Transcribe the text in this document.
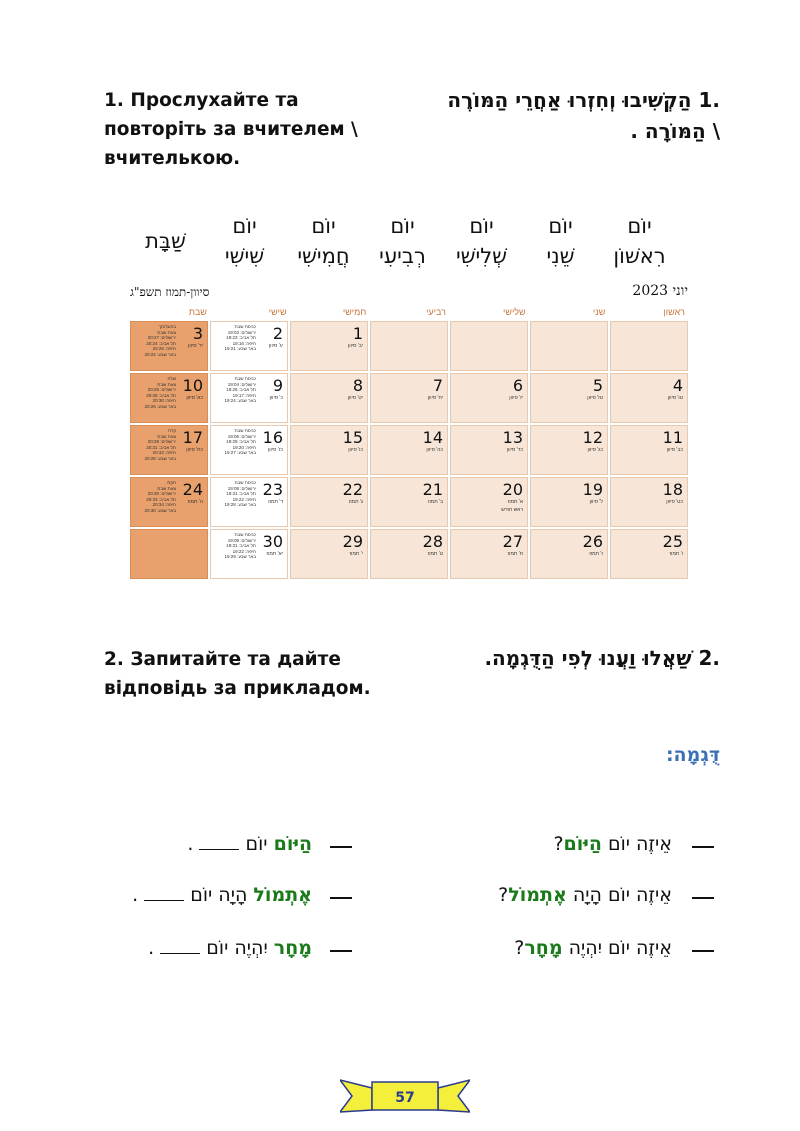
1. Прослухайте та
повторіть за вчителем \
вчителькою.
.1 הַקְשִׁיבוּ וְחִזְרוּ אַחֲרֵי הַמּוֹרֶה
\ הַמּוֹרָה .
יוֹם
רִאשׁוֹן
יוֹם
שֵׁנִי
יוֹם
שְׁלִישִׁי
יוֹם
רְבִיעִי
יוֹם
חֲמִישִׁי
יוֹם
שִׁישִׁי
שַׁבָּת
סיוון-תמוז תשפ"ג	יוני 2023
ראשון
שני
שלישי
רביעי
חמישי
שישי
שבת
1
יב' סיוון
2
יג' סיוון
כניסת שבת
ירושלים: 19:03
תל אביב: 19:23
חיפה: 19:16
באר שבע: 19:21
3
יד' סיוון
בהעלותך
צאת שבת
ירושלים: 20:27
תל אביב: 20:24
חיפה: 20:26
באר שבע: 20:22
4
טו' סיוון
5
טז' סיוון
6
יז' סיוון
7
יח' סיוון
8
יט' סיוון
9
כ' סיוון
כניסת שבת
ירושלים: 19:04
תל אביב: 19:26
חיפה: 19:17
באר שבע: 19:24
10
כא' סיוון
שלח
צאת שבת
ירושלים: 20:26
תל אביב: 20:28
חיפה: 20:30
באר שבע: 20:26
11
כב' סיוון
12
כג' סיוון
13
כד' סיוון
14
כה' סיוון
15
כו' סיוון
16
כז' סיוון
כניסת שבת
ירושלים: 19:06
תל אביב: 19:29
חיפה: 19:20
באר שבע: 19:27
17
כח' סיוון
קרח
צאת שבת
ירושלים: 20:28
תל אביב: 20:31
חיפה: 20:33
באר שבע: 20:28
18
כט' סיוון
19
ל' סיוון
20
א' תמוז
ראש חודש
21
ב' תמוז
22
ג' תמוז
23
ד' תמוז
כניסת שבת
ירושלים: 19:08
תל אביב: 19:31
חיפה: 19:22
באר שבע: 19:28
24
ה' תמוז
חקת
צאת שבת
ירושלים: 20:30
תל אביב: 20:33
חיפה: 20:34
באר שבע: 20:30
25
ו' תמוז
26
ז' תמוז
27
ח' תמוז
28
ט' תמוז
29
י' תמוז
30
יא' תמוז
כניסת שבת
ירושלים: 19:09
תל אביב: 19:31
חיפה: 19:22
באר שבע: 19:29
2. Запитайте та дайте
відповідь за прикладом.
.2 שַׁאֲלוּ וַעֲנוּ לְפִי הַדֻּגְמָה.
דֻּגְמָה:
אֵיזֶה יוֹם הַיּוֹם?
הַיּוֹם יוֹם  .
אֵיזֶה יוֹם הָיָה אֶתְמוֹל?
אֶתְמוֹל הָיָה יוֹם  .
אֵיזֶה יוֹם יִהְיֶה מָחָר?
מָחָר יִהְיֶה יוֹם  .
57
